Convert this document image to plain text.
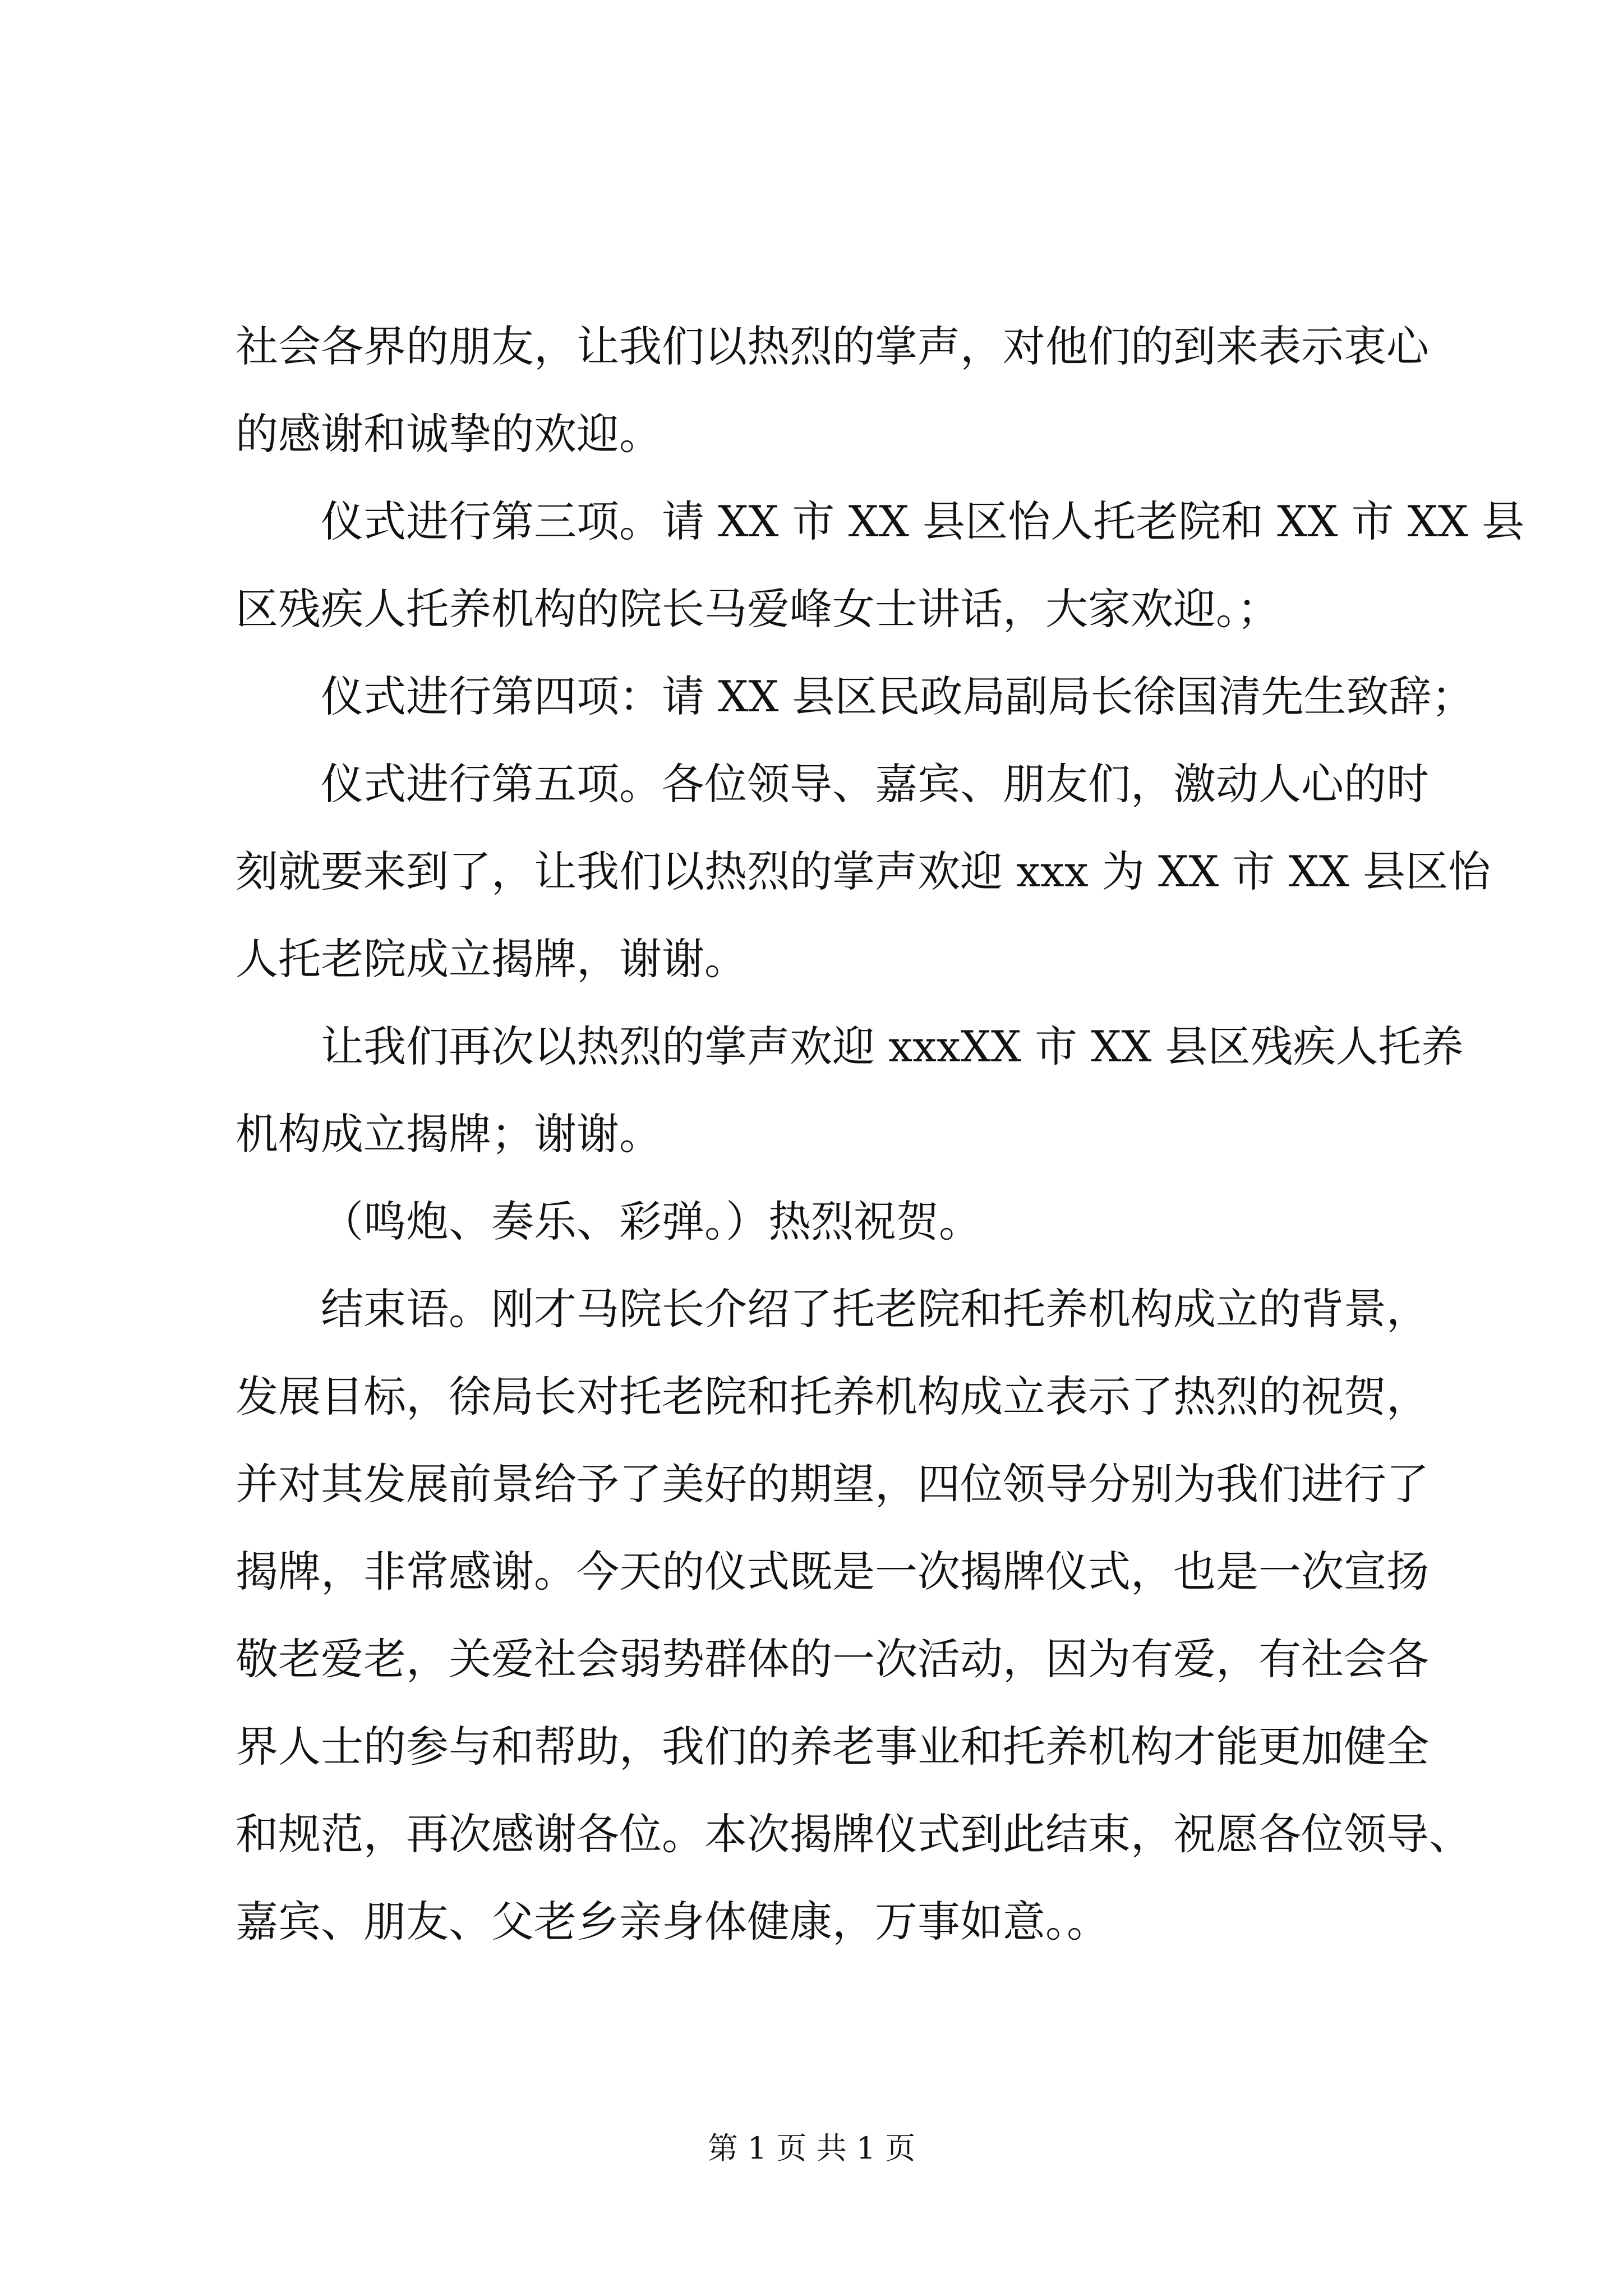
社会各界的朋友，让我们以热烈的掌声，对他们的到来表示衷心
的感谢和诚挚的欢迎。
仪式进行第三项。请 XX 市 XX 县区怡人托老院和 XX 市 XX 县
区残疾人托养机构的院长马爱峰女士讲话，大家欢迎。；
仪式进行第四项：请 XX 县区民政局副局长徐国清先生致辞；
仪式进行第五项。各位领导、嘉宾、朋友们，激动人心的时
刻就要来到了，让我们以热烈的掌声欢迎 xxx 为 XX 市 XX 县区怡
人托老院成立揭牌，谢谢。
让我们再次以热烈的掌声欢迎 xxxXX 市 XX 县区残疾人托养
机构成立揭牌；谢谢。
（鸣炮、奏乐、彩弹。）热烈祝贺。
结束语。刚才马院长介绍了托老院和托养机构成立的背景，
发展目标，徐局长对托老院和托养机构成立表示了热烈的祝贺，
并对其发展前景给予了美好的期望，四位领导分别为我们进行了
揭牌，非常感谢。今天的仪式既是一次揭牌仪式，也是一次宣扬
敬老爱老，关爱社会弱势群体的一次活动，因为有爱，有社会各
界人士的参与和帮助，我们的养老事业和托养机构才能更加健全
和规范，再次感谢各位。本次揭牌仪式到此结束，祝愿各位领导、
嘉宾、朋友、父老乡亲身体健康，万事如意。。
第 1 页 共 1 页
